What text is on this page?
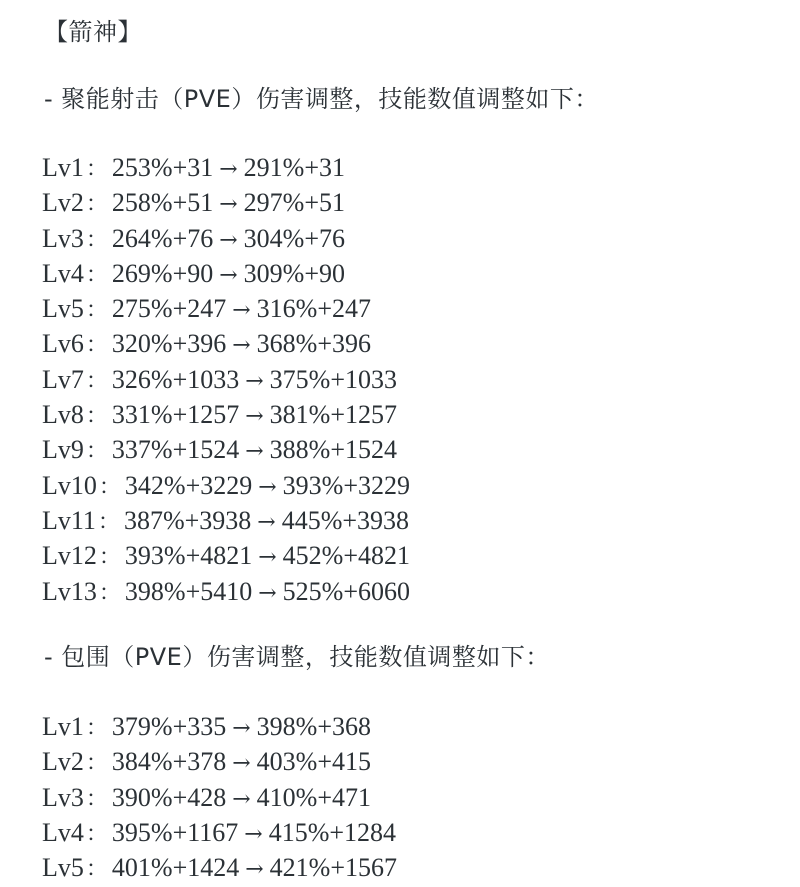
【箭神】
- 聚能射击（PVE）伤害调整，技能数值调整如下：
Lv1： 253%+31 → 291%+31
Lv2： 258%+51 → 297%+51
Lv3： 264%+76 → 304%+76
Lv4： 269%+90 → 309%+90
Lv5： 275%+247 → 316%+247
Lv6： 320%+396 → 368%+396
Lv7： 326%+1033 → 375%+1033
Lv8： 331%+1257 → 381%+1257
Lv9： 337%+1524 → 388%+1524
Lv10： 342%+3229 → 393%+3229
Lv11： 387%+3938 → 445%+3938
Lv12： 393%+4821 → 452%+4821
Lv13： 398%+5410 → 525%+6060
- 包围（PVE）伤害调整，技能数值调整如下：
Lv1： 379%+335 → 398%+368
Lv2： 384%+378 → 403%+415
Lv3： 390%+428 → 410%+471
Lv4： 395%+1167 → 415%+1284
Lv5： 401%+1424 → 421%+1567
